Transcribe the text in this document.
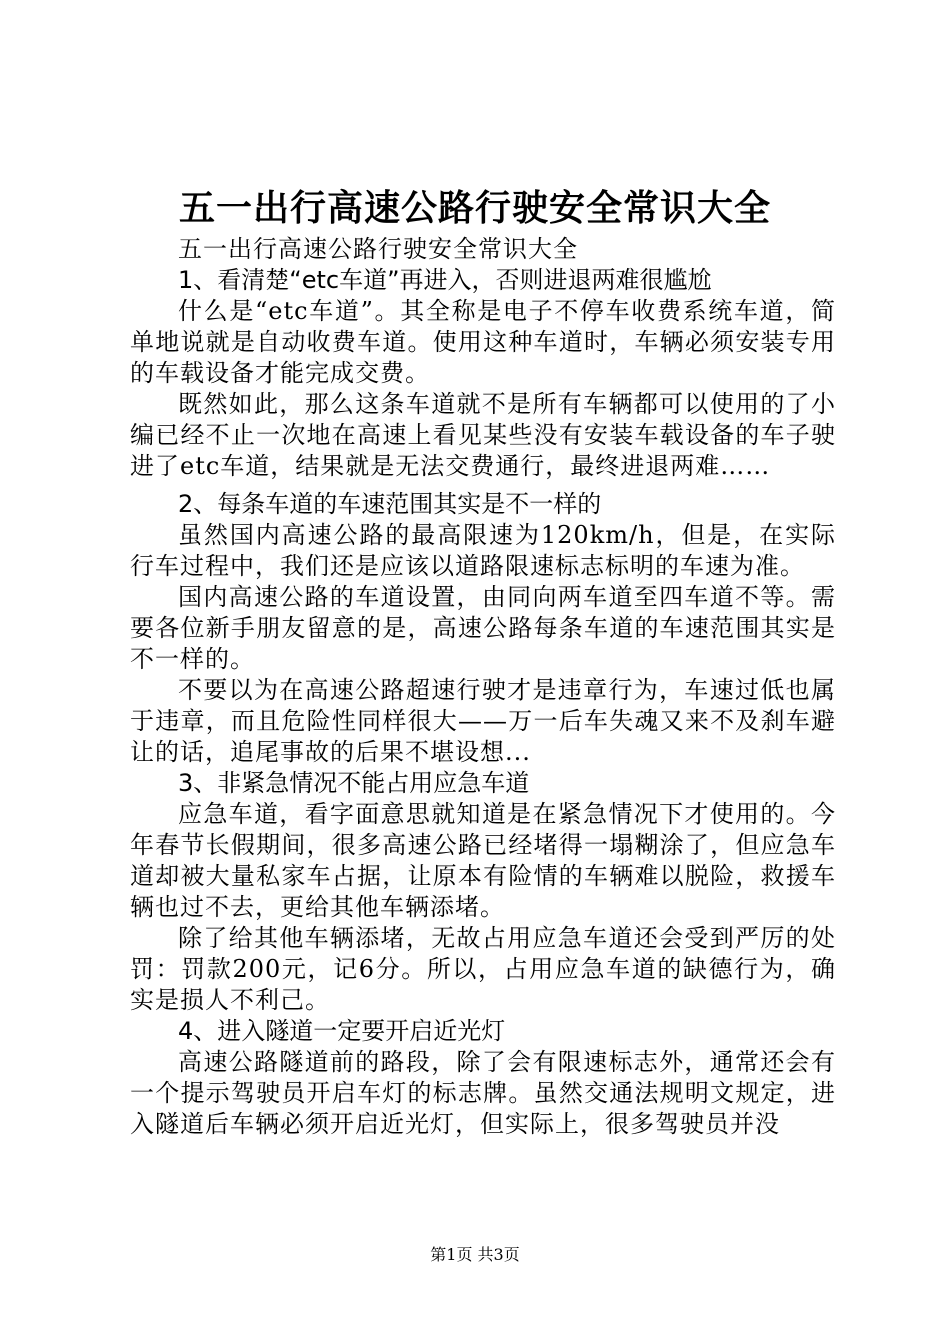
五一出行高速公路行驶安全常识大全

五一出行高速公路行驶安全常识大全

1、看清楚“etc车道”再进入，否则进退两难很尴尬

什么是“etc车道”。其全称是电子不停车收费系统车道，简单地说就是自动收费车道。使用这种车道时，车辆必须安装专用的车载设备才能完成交费。

既然如此，那么这条车道就不是所有车辆都可以使用的了小编已经不止一次地在高速上看见某些没有安装车载设备的车子驶进了etc车道，结果就是无法交费通行，最终进退两难……

2、每条车道的车速范围其实是不一样的

虽然国内高速公路的最高限速为120km/h，但是，在实际行车过程中，我们还是应该以道路限速标志标明的车速为准。

国内高速公路的车道设置，由同向两车道至四车道不等。需要各位新手朋友留意的是，高速公路每条车道的车速范围其实是不一样的。

不要以为在高速公路超速行驶才是违章行为，车速过低也属于违章，而且危险性同样很大——万一后车失魂又来不及刹车避让的话，追尾事故的后果不堪设想...

3、非紧急情况不能占用应急车道

应急车道，看字面意思就知道是在紧急情况下才使用的。今年春节长假期间，很多高速公路已经堵得一塌糊涂了，但应急车道却被大量私家车占据，让原本有险情的车辆难以脱险，救援车辆也过不去，更给其他车辆添堵。

除了给其他车辆添堵，无故占用应急车道还会受到严厉的处罚：罚款200元，记6分。所以，占用应急车道的缺德行为，确实是损人不利己。

4、进入隧道一定要开启近光灯

高速公路隧道前的路段，除了会有限速标志外，通常还会有一个提示驾驶员开启车灯的标志牌。虽然交通法规明文规定，进入隧道后车辆必须开启近光灯，但实际上，很多驾驶员并没

第1页 共3页
